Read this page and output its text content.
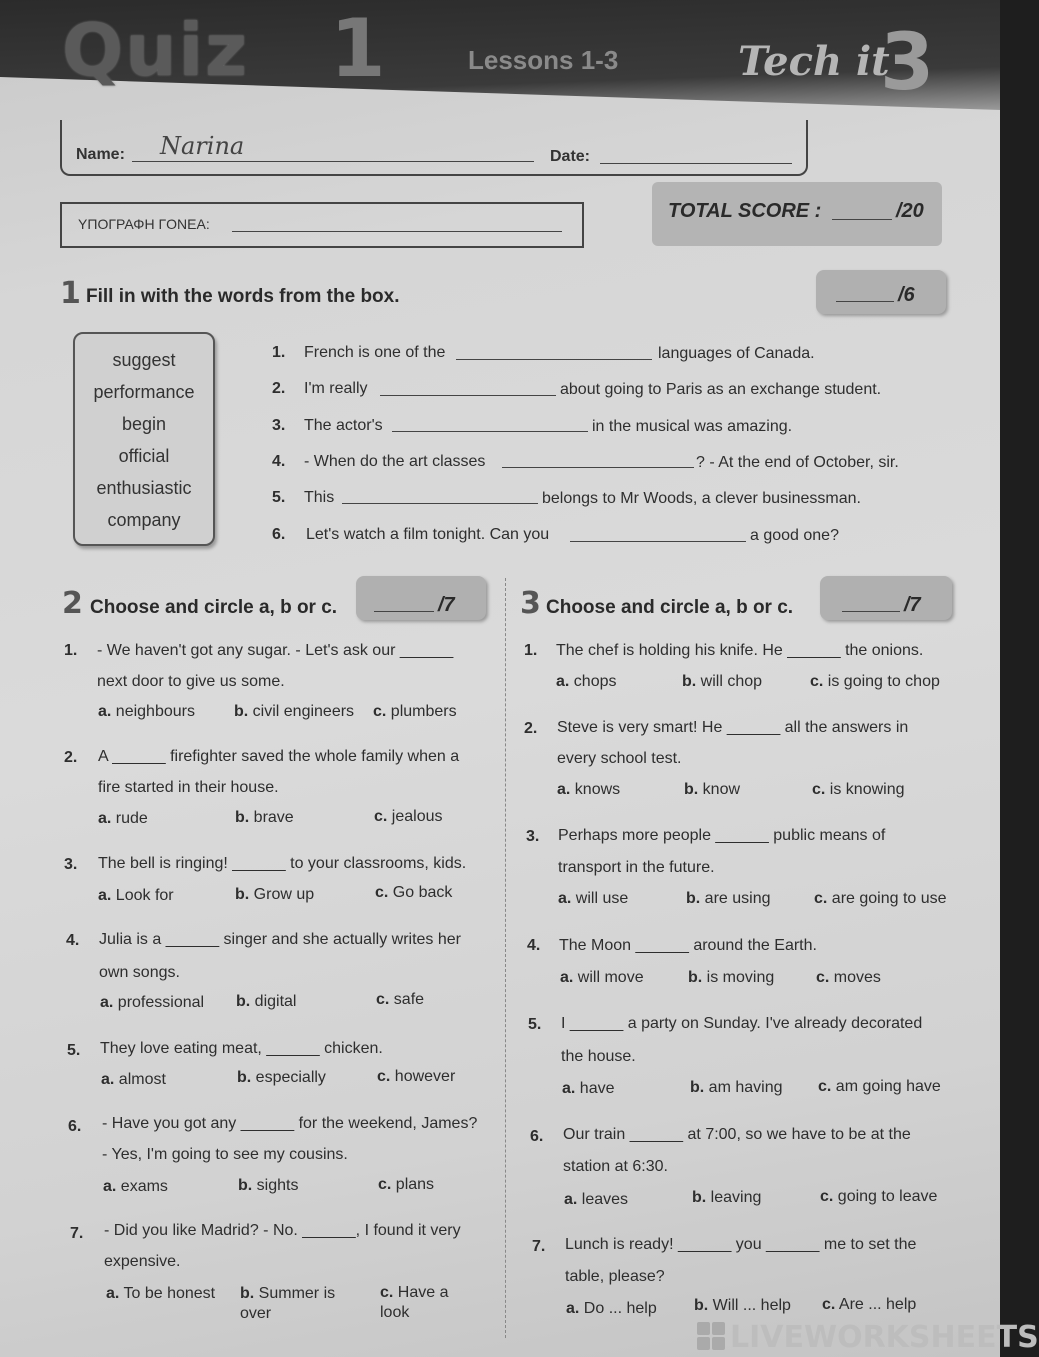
Quiz 1	Lessons 1-3	Tech it
3
Name: Narina	Date:
ΥΠΟΓΡΑΦΗ ΓΟΝΕΑ:
TOTAL SCORE :	/20
1 Fill in with the words from the box.	/6
suggest
performance
begin
official
enthusiastic
company
1. French is one of the	languages of Canada.
2. I'm really	about going to Paris as an exchange student.
3. The actor's	in the musical was amazing.
4. - When do the art classes	? - At the end of October, sir.
5. This	belongs to Mr Woods, a clever businessman.
6. Let's watch a film tonight. Can you	a good one?
2 Choose and circle a, b or c.	/7 3 Choose and circle a, b or c.	/7
1. - We haven't got any sugar. - Let's ask our ______
next door to give us some.
a. neighbours b. civil engineers c. plumbers
2. A ______ firefighter saved the whole family when a
fire started in their house.
a. rude	b. brave	c. jealous
3. The bell is ringing! ______ to your classrooms, kids.
a. Look for	b. Grow up	c. Go back
4. Julia is a ______ singer and she actually writes her
own songs.
a. professional b. digital	c. safe
5. They love eating meat, ______ chicken.
a. almost	b. especially	c. however
6. - Have you got any ______ for the weekend, James?
- Yes, I'm going to see my cousins.
a. exams	b. sights	c. plans
7. - Did you like Madrid? - No. ______, I found it very
expensive.
a. To be honest b. Summer is over
c. Have a look
1. The chef is holding his knife. He ______ the onions.
a. chops	b. will chop	c. is going to chop
2. Steve is very smart! He ______ all the answers in
every school test.
a. knows	b. know	c. is knowing
3. Perhaps more people ______ public means of
transport in the future.
a. will use	b. are using	c. are going to use
4. The Moon ______ around the Earth.
a. will move	b. is moving	c. moves
5. I ______ a party on Sunday. I've already decorated
the house.
a. have	b. am having c. am going have
6. Our train ______ at 7:00, so we have to be at the
station at 6:30.
a. leaves	b. leaving	c. going to leave
7. Lunch is ready! ______ you ______ me to set the
table, please?
a. Do ... help b. Will ... help c. Are ... help
LIVEWORKSHEETS
